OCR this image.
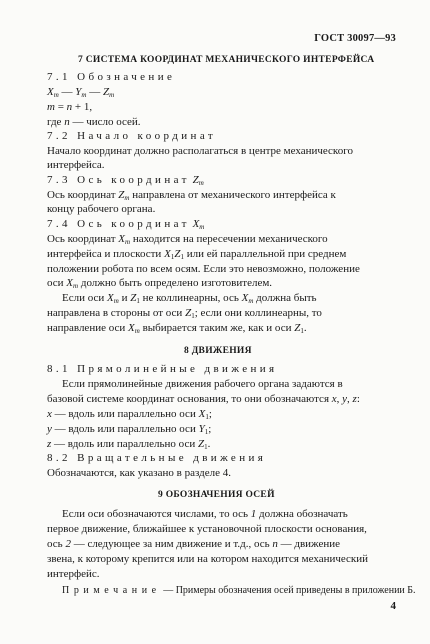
ГОСТ 30097—93
7 СИСТЕМА КООРДИНАТ МЕХАНИЧЕСКОГО ИНТЕРФЕЙСА
7.1 Обозначение
$X_m$ — $Y_m$ — $Z_m$
m = n + 1,
где n — число осей.
7.2 Начало координат
Начало координат должно располагаться в центре механического
интерфейса.
7.3 Ось координат $Z_m$
Ось координат $Z_m$ направлена от механического интерфейса к
концу рабочего органа.
7.4 Ось координат $X_m$
Ось координат $X_m$ находится на пересечении механического
интерфейса и плоскости $X_1Z_1$ или ей параллельной при среднем
положении робота по всем осям. Если это невозможно, положение
оси $X_m$ должно быть определено изготовителем.
Если оси $X_m$ и $Z_1$ не коллинеарны, ось $X_m$ должна быть
направлена в стороны от оси $Z_1$; если они коллинеарны, то
направление оси $X_m$ выбирается таким же, как и оси $Z_1$.
8 ДВИЖЕНИЯ
8.1 Прямолинейные движения
Если прямолинейные движения рабочего органа задаются в
базовой системе координат основания, то они обозначаются x, y, z:
x — вдоль или параллельно оси $X_1$;
y — вдоль или параллельно оси $Y_1$;
z — вдоль или параллельно оси $Z_1$.
8.2 Вращательные движения
Обозначаются, как указано в разделе 4.
9 ОБОЗНАЧЕНИЯ ОСЕЙ
Если оси обозначаются числами, то ось 1 должна обозначать
первое движение, ближайшее к установочной плоскости основания,
ось 2 — следующее за ним движение и т.д., ось n — движение
звена, к которому крепится или на котором находится механический
интерфейс.
Примечание — Примеры обозначения осей приведены в приложении Б.
4
